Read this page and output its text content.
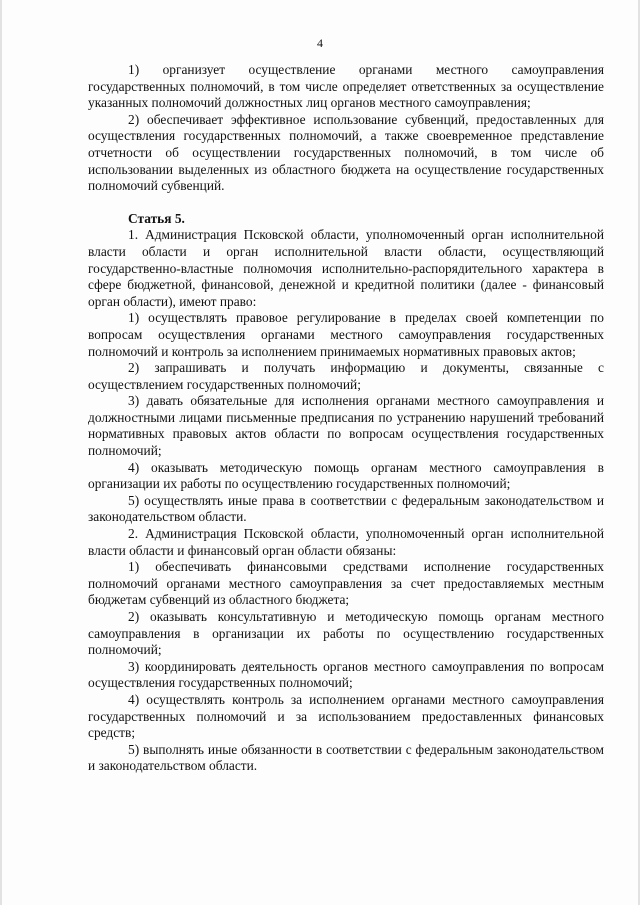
4

1) организует осуществление органами местного самоуправления государственных полномочий, в том числе определяет ответственных за осуществление указанных полномочий должностных лиц органов местного самоуправления;

2) обеспечивает эффективное использование субвенций, предоставленных для осуществления государственных полномочий, а также своевременное представление отчетности об осуществлении государственных полномочий, в том числе об использовании выделенных из областного бюджета на осуществление государственных полномочий субвенций.

Статья 5.

1. Администрация Псковской области, уполномоченный орган исполнительной власти области и орган исполнительной власти области, осуществляющий государственно-властные полномочия исполнительно-распорядительного характера в сфере бюджетной, финансовой, денежной и кредитной политики (далее - финансовый орган области), имеют право:

1) осуществлять правовое регулирование в пределах своей компетенции по вопросам осуществления органами местного самоуправления государственных полномочий и контроль за исполнением принимаемых нормативных правовых актов;

2) запрашивать и получать информацию и документы, связанные с осуществлением государственных полномочий;

3) давать обязательные для исполнения органами местного самоуправления и должностными лицами письменные предписания по устранению нарушений требований нормативных правовых актов области по вопросам осуществления государственных полномочий;

4) оказывать методическую помощь органам местного самоуправления в организации их работы по осуществлению государственных полномочий;

5) осуществлять иные права в соответствии с федеральным законодательством и законодательством области.

2. Администрация Псковской области, уполномоченный орган исполнительной власти области и финансовый орган области обязаны:

1) обеспечивать финансовыми средствами исполнение государственных полномочий органами местного самоуправления за счет предоставляемых местным бюджетам субвенций из областного бюджета;

2) оказывать консультативную и методическую помощь органам местного самоуправления в организации их работы по осуществлению государственных полномочий;

3) координировать деятельность органов местного самоуправления по вопросам осуществления государственных полномочий;

4) осуществлять контроль за исполнением органами местного самоуправления государственных полномочий и за использованием предоставленных финансовых средств;

5) выполнять иные обязанности в соответствии с федеральным законодательством и законодательством области.
